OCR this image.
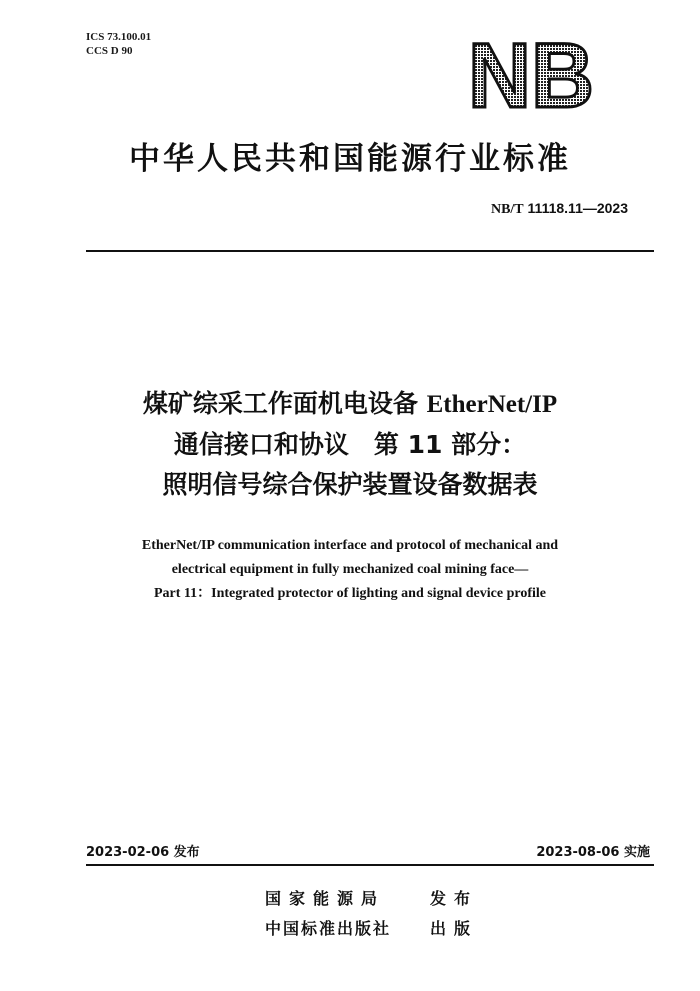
ICS 73.100.01
CCS D 90	NB
中华人民共和国能源行业标准
NB/T 11118.11—2023
煤矿综采工作面机电设备 EtherNet/IP
通信接口和协议　第 11 部分：
照明信号综合保护装置设备数据表
EtherNet/IP communication interface and protocol of mechanical and
electrical equipment in fully mechanized coal mining face—
Part 11：Integrated protector of lighting and signal device profile
2023-02-06 发布	2023-08-06 实施
国家能源局	发布
中国标准出版社 出版
